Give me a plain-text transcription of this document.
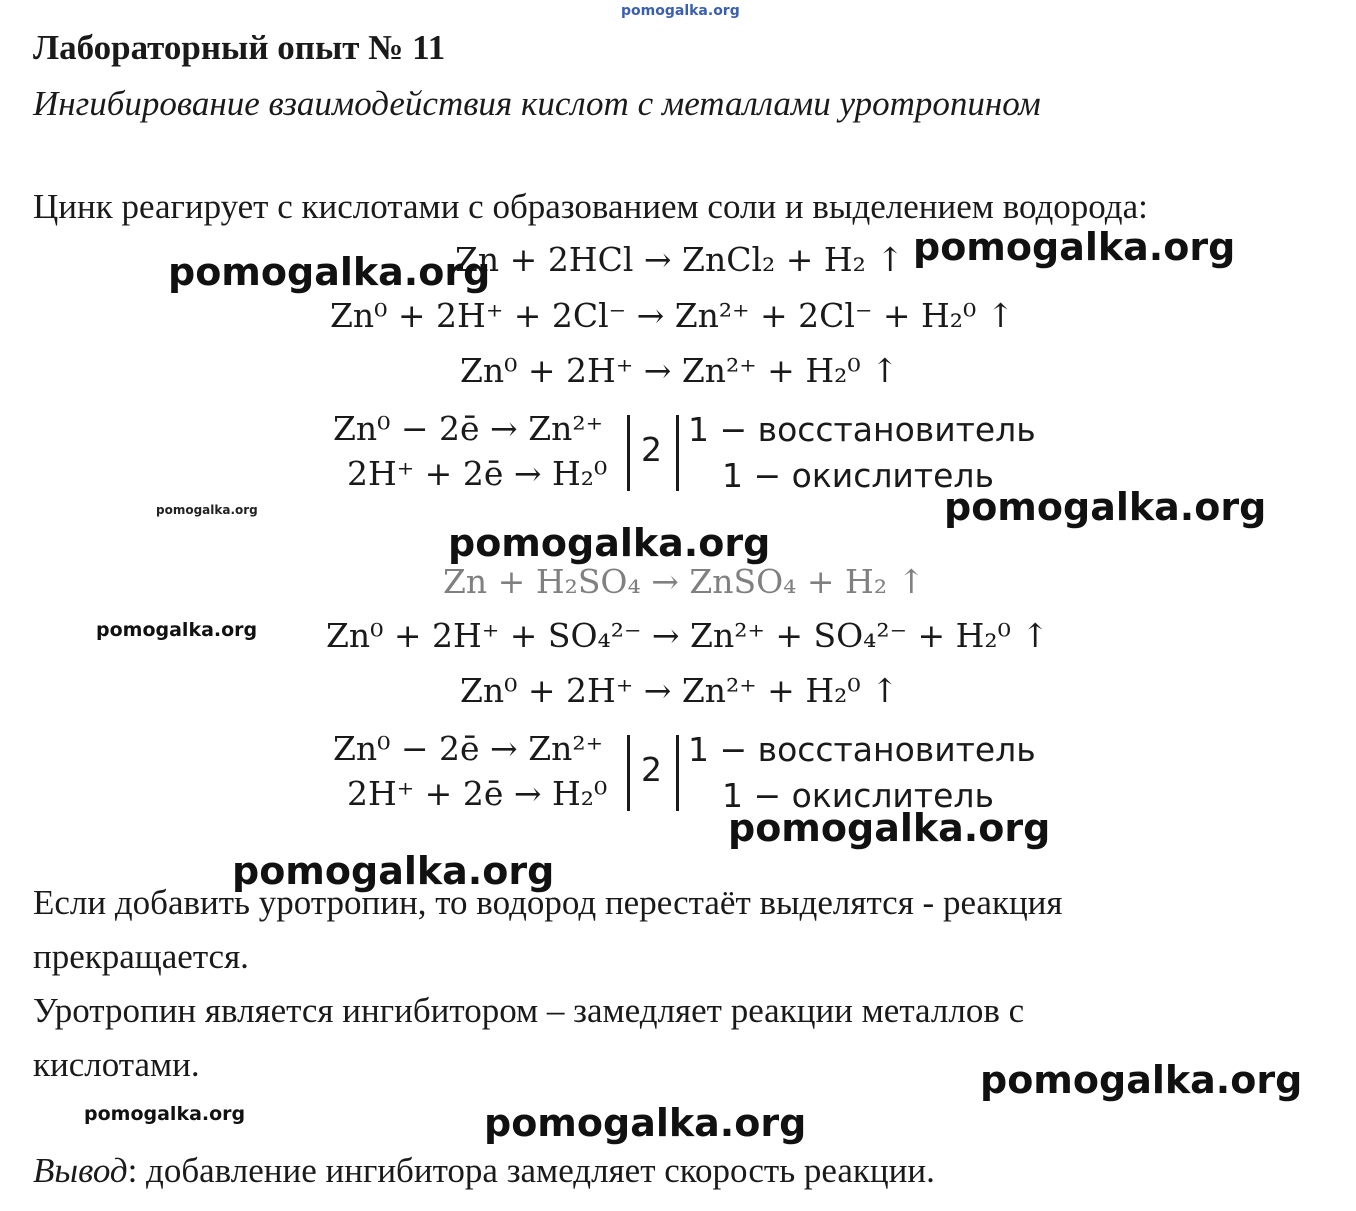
pomogalka.org
Лабораторный опыт № 11
Ингибирование взаимодействия кислот с металлами уротропином
Цинк реагирует с кислотами с образованием соли и выделением водорода:
Zn + 2HCl → ZnCl₂ + H₂ ↑
Zn⁰ + 2H⁺ + 2Cl⁻ → Zn²⁺ + 2Cl⁻ + H₂⁰ ↑
Zn⁰ + 2H⁺ → Zn²⁺ + H₂⁰ ↑
Zn⁰ − 2ē → Zn²⁺
2H⁺ + 2ē → H₂⁰
2
1 − восстановитель
1 − окислитель
Zn + H₂SO₄ → ZnSO₄ + H₂ ↑
Zn⁰ + 2H⁺ + SO₄²⁻ → Zn²⁺ + SO₄²⁻ + H₂⁰ ↑
Zn⁰ + 2H⁺ → Zn²⁺ + H₂⁰ ↑
Zn⁰ − 2ē → Zn²⁺
2H⁺ + 2ē → H₂⁰
2
1 − восстановитель
1 − окислитель
Если добавить уротропин, то водород перестаёт выделятся - реакция
прекращается.
Уротропин является ингибитором – замедляет реакции металлов с
кислотами.
Вывод: добавление ингибитора замедляет скорость реакции.
pomogalka.org
pomogalka.org
pomogalka.org	pomogalka.org
pomogalka.org
pomogalka.org
pomogalka.org
pomogalka.org
pomogalka.org
pomogalka.org	pomogalka.org
